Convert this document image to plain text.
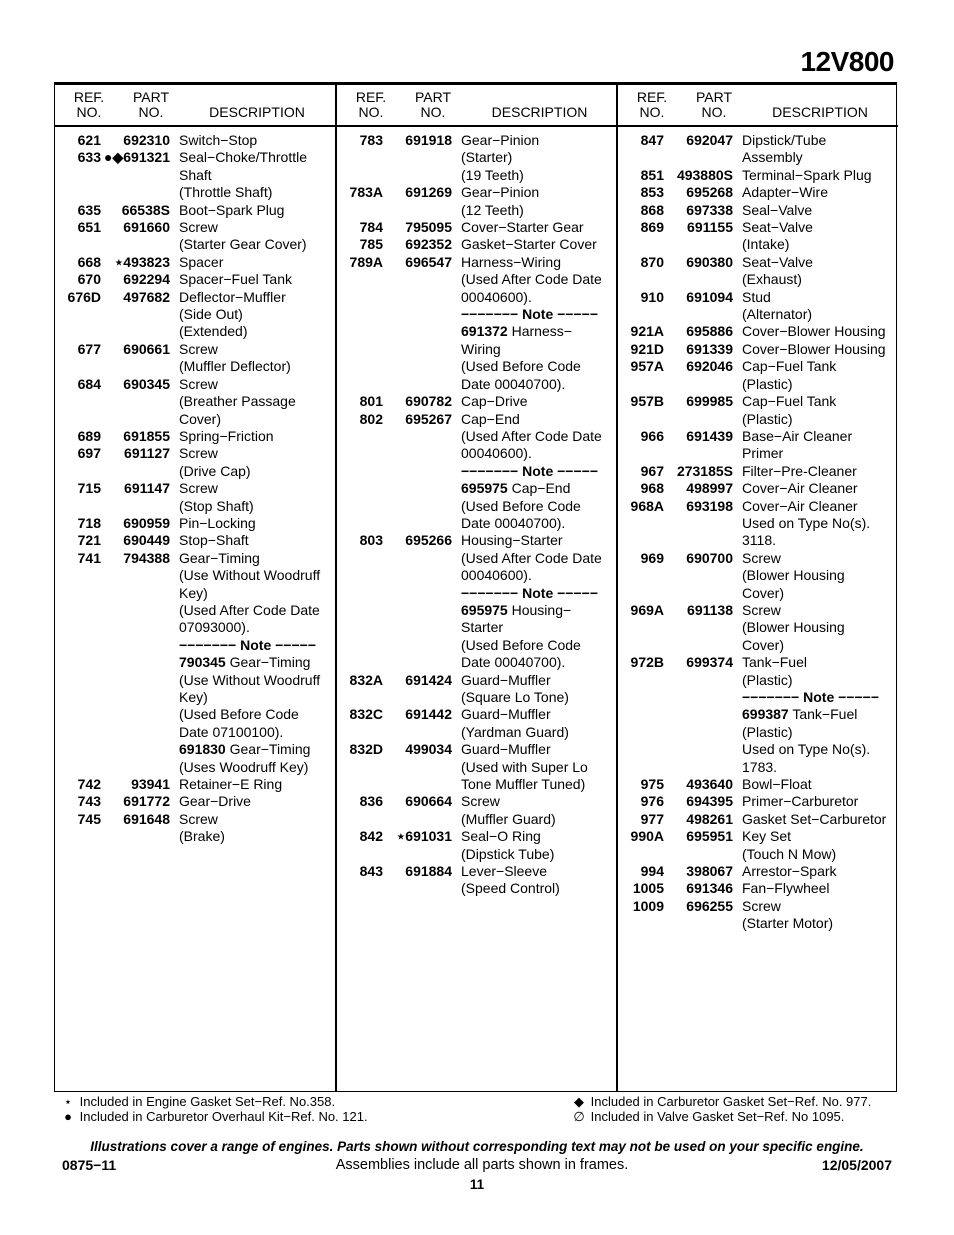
12V800
REF.
NO.
PART
NO.	DESCRIPTION
621	692310 Switch−Stop
633 ●◆691321 Seal−Choke/Throttle
Shaft
(Throttle Shaft)
635	66538S Boot−Spark Plug
651	691660 Screw
(Starter Gear Cover)
668 ⋆493823 Spacer
670	692294 Spacer−Fuel Tank
676D	497682 Deflector−Muffler
(Side Out)
(Extended)
677	690661 Screw
(Muffler Deflector)
684	690345 Screw
(Breather Passage
Cover)
689	691855 Spring−Friction
697	691127 Screw
(Drive Cap)
715	691147 Screw
(Stop Shaft)
718	690959 Pin−Locking
721	690449 Stop−Shaft
741	794388 Gear−Timing
(Use Without Woodruff
Key)
(Used After Code Date
07093000).
−−−−−−− Note −−−−−
790345 Gear−Timing
(Use Without Woodruff
Key)
(Used Before Code
Date 07100100).
691830 Gear−Timing
(Uses Woodruff Key)
742	93941 Retainer−E Ring
743	691772 Gear−Drive
745	691648 Screw
(Brake)
REF.
NO.
PART
NO.	DESCRIPTION
783	691918 Gear−Pinion
(Starter)
(19 Teeth)
783A	691269 Gear−Pinion
(12 Teeth)
784	795095 Cover−Starter Gear
785	692352 Gasket−Starter Cover
789A	696547 Harness−Wiring
(Used After Code Date
00040600).
−−−−−−− Note −−−−−
691372 Harness−
Wiring
(Used Before Code
Date 00040700).
801	690782 Cap−Drive
802	695267 Cap−End
(Used After Code Date
00040600).
−−−−−−− Note −−−−−
695975 Cap−End
(Used Before Code
Date 00040700).
803	695266 Housing−Starter
(Used After Code Date
00040600).
−−−−−−− Note −−−−−
695975 Housing−
Starter
(Used Before Code
Date 00040700).
832A	691424 Guard−Muffler
(Square Lo Tone)
832C	691442 Guard−Muffler
(Yardman Guard)
832D	499034 Guard−Muffler
(Used with Super Lo
Tone Muffler Tuned)
836	690664 Screw
(Muffler Guard)
842 ⋆691031 Seal−O Ring
(Dipstick Tube)
843	691884 Lever−Sleeve
(Speed Control)
REF.
NO.
PART
NO.	DESCRIPTION
847	692047 Dipstick/Tube
Assembly
851 493880S Terminal−Spark Plug
853	695268 Adapter−Wire
868	697338 Seal−Valve
869	691155 Seat−Valve
(Intake)
870	690380 Seat−Valve
(Exhaust)
910	691094 Stud
(Alternator)
921A	695886 Cover−Blower Housing
921D	691339 Cover−Blower Housing
957A	692046 Cap−Fuel Tank
(Plastic)
957B	699985 Cap−Fuel Tank
(Plastic)
966	691439 Base−Air Cleaner
Primer
967 273185S Filter−Pre-Cleaner
968	498997 Cover−Air Cleaner
968A	693198 Cover−Air Cleaner
Used on Type No(s).
3118.
969	690700 Screw
(Blower Housing
Cover)
969A	691138 Screw
(Blower Housing
Cover)
972B	699374 Tank−Fuel
(Plastic)
−−−−−−− Note −−−−−
699387 Tank−Fuel
(Plastic)
Used on Type No(s).
1783.
975	493640 Bowl−Float
976	694395 Primer−Carburetor
977	498261 Gasket Set−Carburetor
990A	695951 Key Set
(Touch N Mow)
994	398067 Arrestor−Spark
1005	691346 Fan−Flywheel
1009	696255 Screw
(Starter Motor)
⋆ Included in Engine Gasket Set−Ref. No.358.
● Included in Carburetor Overhaul Kit−Ref. No. 121.
◆ Included in Carburetor Gasket Set−Ref. No. 977.
∅ Included in Valve Gasket Set−Ref. No 1095.
Illustrations cover a range of engines. Parts shown without corresponding text may not be used on your specific engine.
0875−11	Assemblies include all parts shown in frames.	12/05/2007
11
